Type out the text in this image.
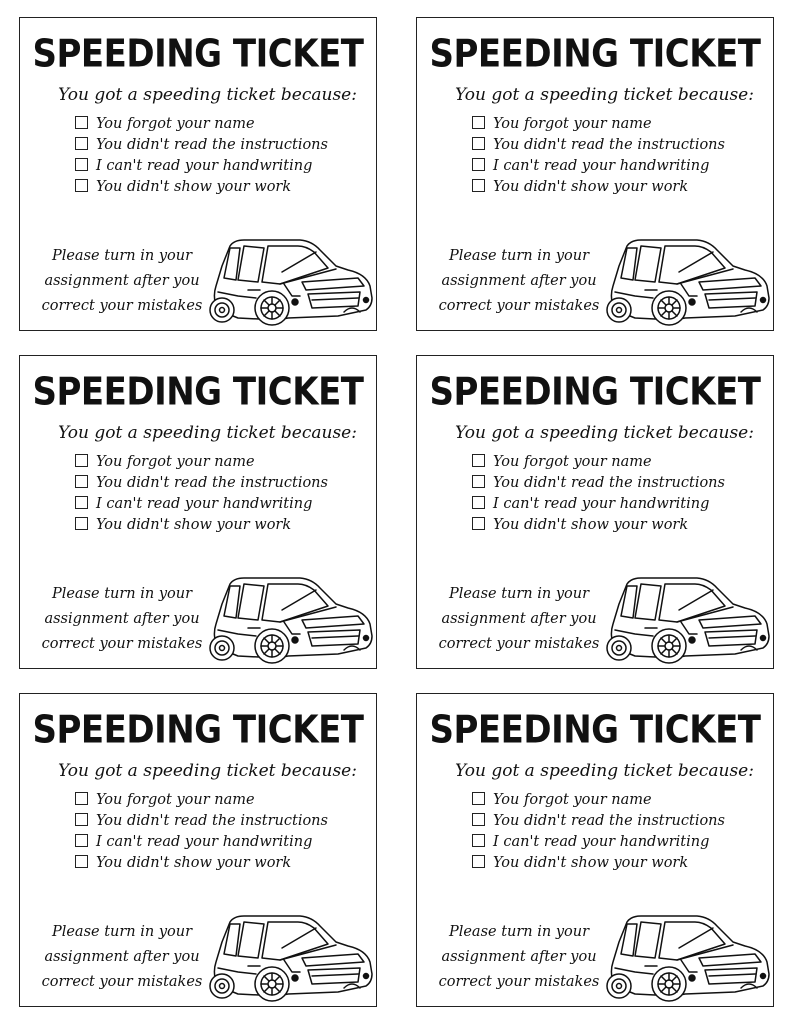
SPEEDING TICKET
You got a speeding ticket because:
You forgot your name
You didn't read the instructions
I can't read your handwriting
You didn't show your work
Please turn in your
assignment after you
correct your mistakes
SPEEDING TICKET
You got a speeding ticket because:
You forgot your name
You didn't read the instructions
I can't read your handwriting
You didn't show your work
Please turn in your
assignment after you
correct your mistakes
SPEEDING TICKET
You got a speeding ticket because:
You forgot your name
You didn't read the instructions
I can't read your handwriting
You didn't show your work
Please turn in your
assignment after you
correct your mistakes
SPEEDING TICKET
You got a speeding ticket because:
You forgot your name
You didn't read the instructions
I can't read your handwriting
You didn't show your work
Please turn in your
assignment after you
correct your mistakes
SPEEDING TICKET
You got a speeding ticket because:
You forgot your name
You didn't read the instructions
I can't read your handwriting
You didn't show your work
Please turn in your
assignment after you
correct your mistakes
SPEEDING TICKET
You got a speeding ticket because:
You forgot your name
You didn't read the instructions
I can't read your handwriting
You didn't show your work
Please turn in your
assignment after you
correct your mistakes
